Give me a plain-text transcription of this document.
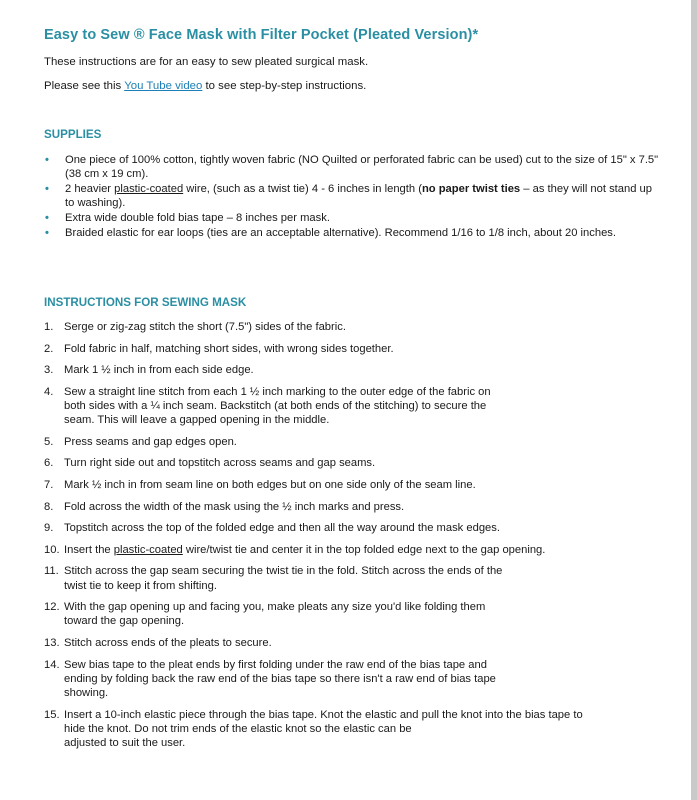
Easy to Sew ® Face Mask with Filter Pocket (Pleated Version)*
These instructions are for an easy to sew pleated surgical mask.
Please see this You Tube video to see step-by-step instructions.
SUPPLIES
• One piece of 100% cotton, tightly woven fabric (NO Quilted or perforated fabric can be used) cut to the size of 15" x 7.5" (38 cm x 19 cm).
• 2 heavier plastic-coated wire, (such as a twist tie) 4 - 6 inches in length (no paper twist ties – as they will not stand up to washing).
• Extra wide double fold bias tape – 8 inches per mask.
• Braided elastic for ear loops (ties are an acceptable alternative). Recommend 1/16 to 1/8 inch, about 20 inches.
INSTRUCTIONS FOR SEWING MASK
1. Serge or zig-zag stitch the short (7.5") sides of the fabric.
2. Fold fabric in half, matching short sides, with wrong sides together.
3. Mark 1 ½ inch in from each side edge.
4. Sew a straight line stitch from each 1 ½ inch marking to the outer edge of the fabric on
both sides with a ¼ inch seam. Backstitch (at both ends of the stitching) to secure the
seam. This will leave a gapped opening in the middle.
5. Press seams and gap edges open.
6. Turn right side out and topstitch across seams and gap seams.
7. Mark ½ inch in from seam line on both edges but on one side only of the seam line.
8. Fold across the width of the mask using the ½ inch marks and press.
9. Topstitch across the top of the folded edge and then all the way around the mask edges.
10. Insert the plastic-coated wire/twist tie and center it in the top folded edge next to the gap opening.
11. Stitch across the gap seam securing the twist tie in the fold. Stitch across the ends of the
twist tie to keep it from shifting.
12. With the gap opening up and facing you, make pleats any size you'd like folding them
toward the gap opening.
13. Stitch across ends of the pleats to secure.
14. Sew bias tape to the pleat ends by first folding under the raw end of the bias tape and
ending by folding back the raw end of the bias tape so there isn't a raw end of bias tape
showing.
15. Insert a 10-inch elastic piece through the bias tape. Knot the elastic and pull the knot into the bias tape to
hide the knot. Do not trim ends of the elastic knot so the elastic can be
adjusted to suit the user.
